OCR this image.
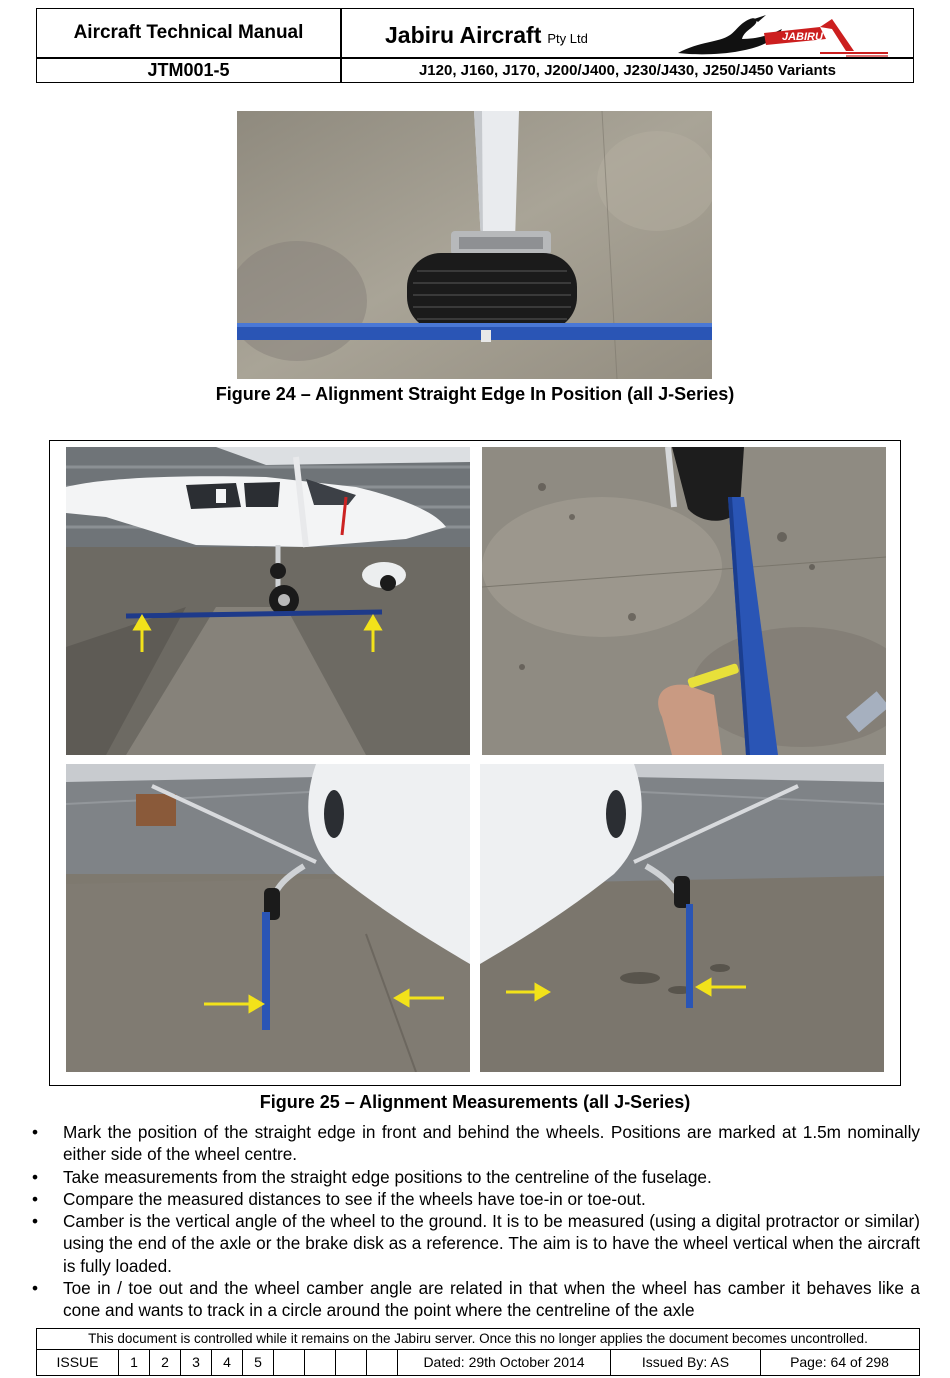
Aircraft Technical Manual
JTM001-5
Jabiru Aircraft Pty Ltd
J120, J160, J170, J200/J400, J230/J430, J250/J450 Variants
JABIRU
Figure 24 – Alignment Straight Edge In Position (all J-Series)
Figure 25 – Alignment Measurements (all J-Series)
• Mark the position of the straight edge in front and behind the wheels. Positions are marked at 1.5m nominally either side of the wheel centre.
• Take measurements from the straight edge positions to the centreline of the fuselage.
• Compare the measured distances to see if the wheels have toe-in or toe-out.
• Camber is the vertical angle of the wheel to the ground. It is to be measured (using a digital protractor or similar) using the end of the axle or the brake disk as a reference. The aim is to have the wheel vertical when the aircraft is fully loaded.
• Toe in / toe out and the wheel camber angle are related in that when the wheel has camber it behaves like a cone and wants to track in a circle around the point where the centreline of the axle
This document is controlled while it remains on the Jabiru server. Once this no longer applies the document becomes uncontrolled.
ISSUE	1	2	3	4	5	Dated: 29th October 2014	Issued By: AS	Page: 64 of 298
